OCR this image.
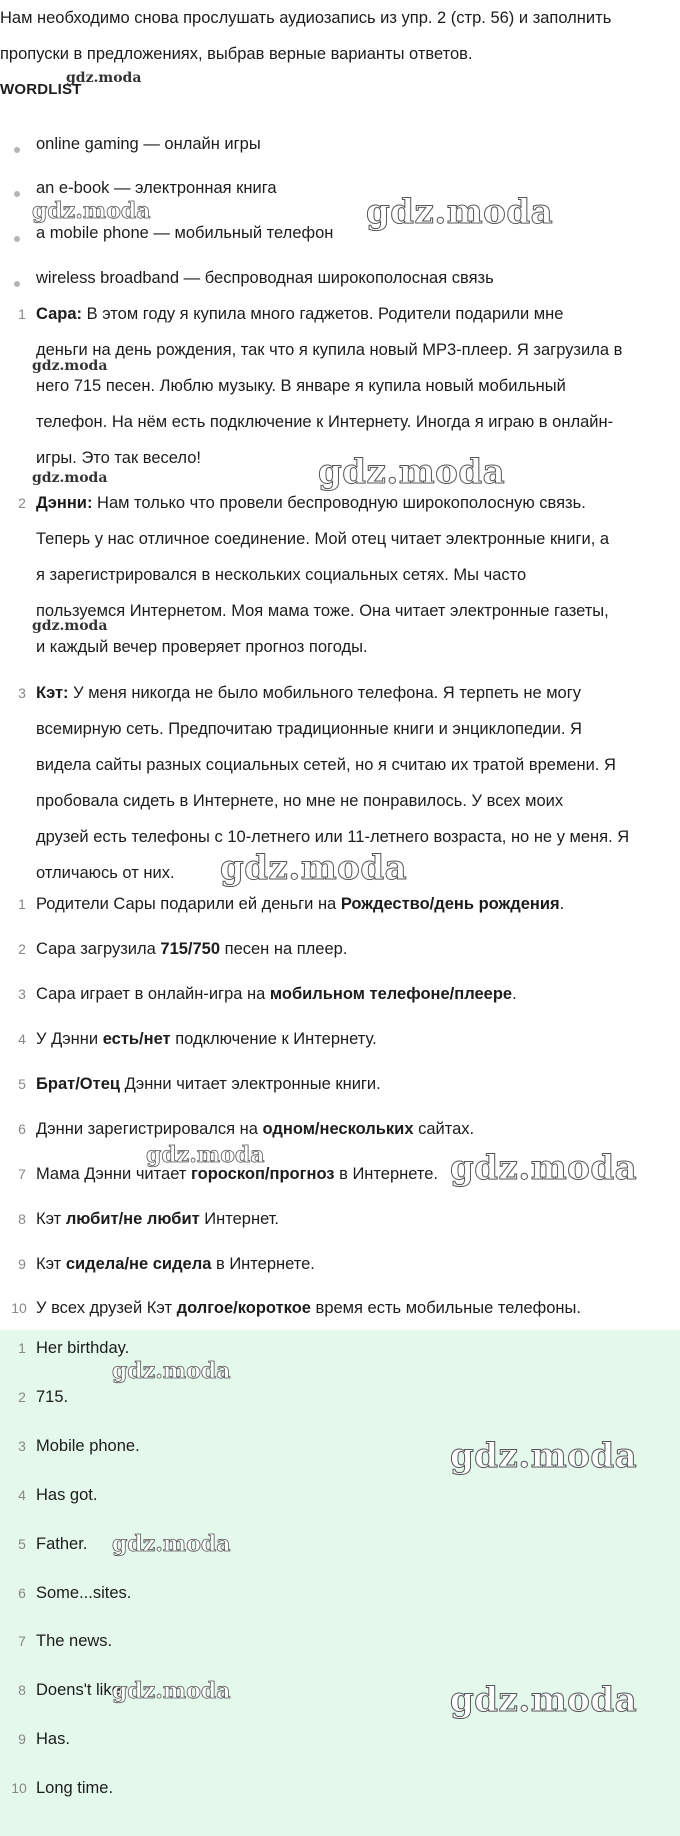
Нам необходимо снова прослушать аудиозапись из упр. 2 (стр. 56) и заполнить
пропуски в предложениях, выбрав верные варианты ответов.
WORDLIST
online gaming — онлайн игры
an e-book — электронная книга
a mobile phone — мобильный телефон
wireless broadband — беспроводная широкополосная связь
1 Сара: В этом году я купила много гаджетов. Родители подарили мне
деньги на день рождения, так что я купила новый MP3-плеер. Я загрузила в
него 715 песен. Люблю музыку. В январе я купила новый мобильный
телефон. На нём есть подключение к Интернету. Иногда я играю в онлайн-
игры. Это так весело!
2 Дэнни: Нам только что провели беспроводную широкополосную связь.
Теперь у нас отличное соединение. Мой отец читает электронные книги, а
я зарегистрировался в нескольких социальных сетях. Мы часто
пользуемся Интернетом. Моя мама тоже. Она читает электронные газеты,
и каждый вечер проверяет прогноз погоды.
3 Кэт: У меня никогда не было мобильного телефона. Я терпеть не могу
всемирную сеть. Предпочитаю традиционные книги и энциклопедии. Я
видела сайты разных социальных сетей, но я считаю их тратой времени. Я
пробовала сидеть в Интернете, но мне не понравилось. У всех моих
друзей есть телефоны с 10-летнего или 11-летнего возраста, но не у меня. Я
отличаюсь от них.
1 Родители Сары подарили ей деньги на Рождество/день рождения.
2 Сара загрузила 715/750 песен на плеер.
3 Сара играет в онлайн-игра на мобильном телефоне/плеере.
4 У Дэнни есть/нет подключение к Интернету.
5 Брат/Отец Дэнни читает электронные книги.
6 Дэнни зарегистрировался на одном/нескольких сайтах.
7 Мама Дэнни читает гороскоп/прогноз в Интернете.
8 Кэт любит/не любит Интернет.
9 Кэт сидела/не сидела в Интернете.
10 У всех друзей Кэт долгое/короткое время есть мобильные телефоны.
1 Her birthday.
2 715.
3 Mobile phone.
4 Has got.
5 Father.
6 Some...sites.
7 The news.
8 Doens't like.
9 Has.
10 Long time.
gdz.moda
gdz.moda	gdz.moda
gdz.moda
gdz.moda	gdz.moda
gdz.moda
gdz.moda
gdz.moda	gdz.moda
gdz.moda
gdz.moda
gdz.moda
gdz.moda	gdz.moda
